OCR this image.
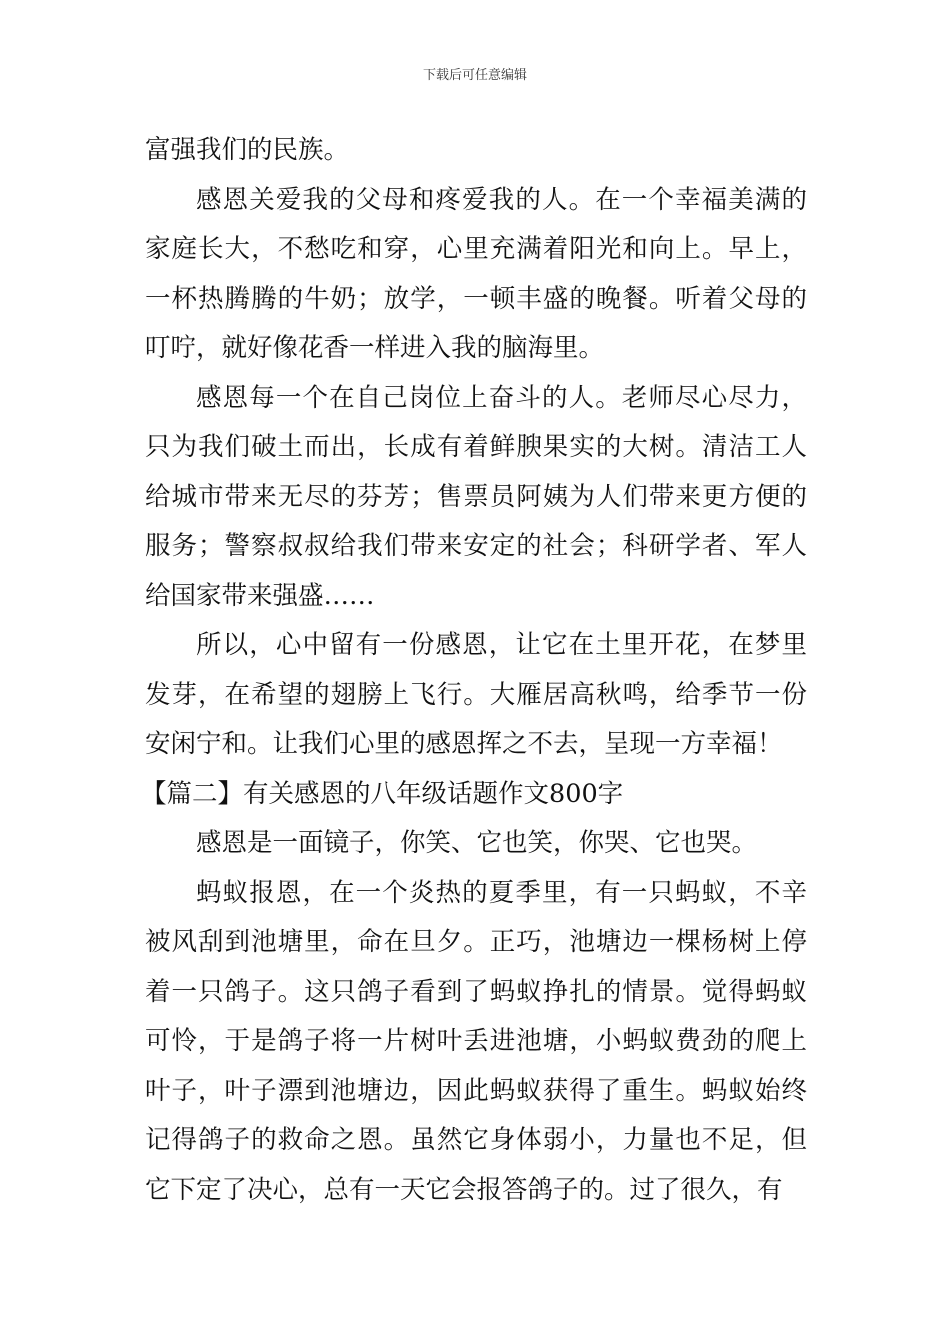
下载后可任意编辑

富强我们的民族。

感恩关爱我的父母和疼爱我的人。在一个幸福美满的家庭长大，不愁吃和穿，心里充满着阳光和向上。早上，一杯热腾腾的牛奶；放学，一顿丰盛的晚餐。听着父母的叮咛，就好像花香一样进入我的脑海里。

感恩每一个在自己岗位上奋斗的人。老师尽心尽力，只为我们破土而出，长成有着鲜腴果实的大树。清洁工人给城市带来无尽的芬芳；售票员阿姨为人们带来更方便的服务；警察叔叔给我们带来安定的社会；科研学者、军人给国家带来强盛……

所以，心中留有一份感恩，让它在土里开花，在梦里发芽，在希望的翅膀上飞行。大雁居高秋鸣，给季节一份安闲宁和。让我们心里的感恩挥之不去，呈现一方幸福！

【篇二】有关感恩的八年级话题作文800字

感恩是一面镜子，你笑、它也笑，你哭、它也哭。

蚂蚁报恩，在一个炎热的夏季里，有一只蚂蚁，不辛被风刮到池塘里，命在旦夕。正巧，池塘边一棵杨树上停着一只鸽子。这只鸽子看到了蚂蚁挣扎的情景。觉得蚂蚁可怜，于是鸽子将一片树叶丢进池塘，小蚂蚁费劲的爬上叶子，叶子漂到池塘边，因此蚂蚁获得了重生。蚂蚁始终记得鸽子的救命之恩。虽然它身体弱小，力量也不足，但它下定了决心，总有一天它会报答鸽子的。过了很久，有
